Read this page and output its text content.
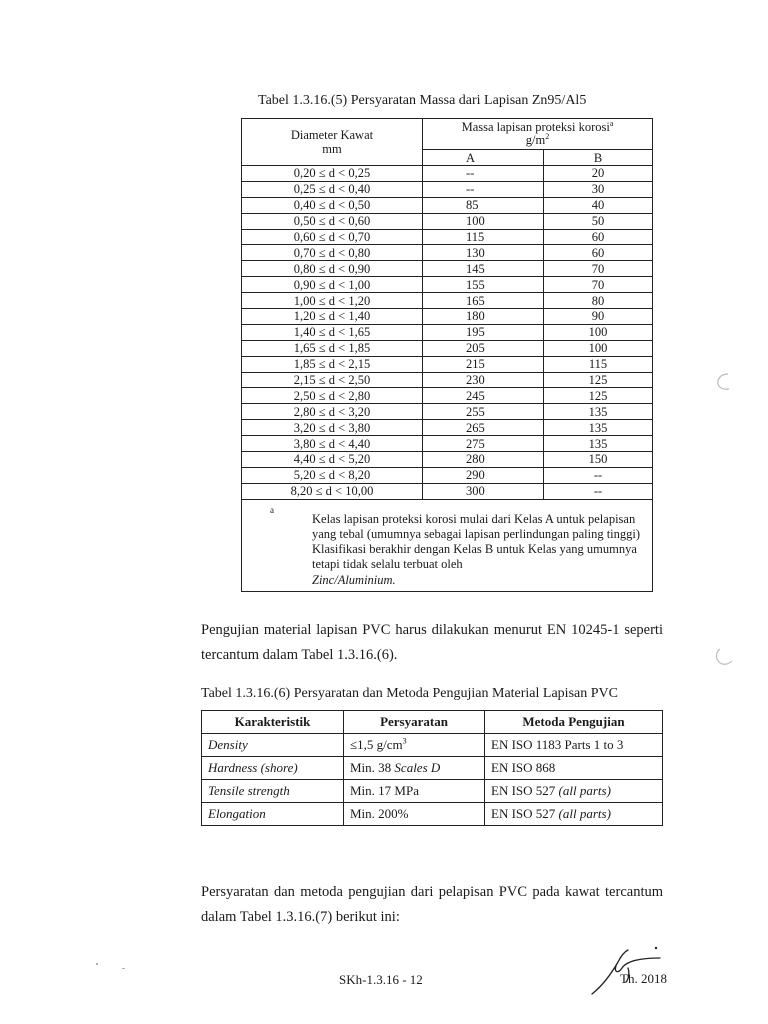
Tabel 1.3.16.(5) Persyaratan Massa dari Lapisan Zn95/Al5
Diameter Kawat
mm	Massa lapisan proteksi korosi$^a$
$g/m^2$
	A	B
0,20 ≤ d < 0,25	--	20
0,25 ≤ d < 0,40	--	30
0,40 ≤ d < 0,50	85	40
0,50 ≤ d < 0,60	100	50
0,60 ≤ d < 0,70	115	60
0,70 ≤ d < 0,80	130	60
0,80 ≤ d < 0,90	145	70
0,90 ≤ d < 1,00	155	70
1,00 ≤ d < 1,20	165	80
1,20 ≤ d < 1,40	180	90
1,40 ≤ d < 1,65	195	100
1,65 ≤ d < 1,85	205	100
1,85 ≤ d < 2,15	215	115
2,15 ≤ d < 2,50	230	125
2,50 ≤ d < 2,80	245	125
2,80 ≤ d < 3,20	255	135
3,20 ≤ d < 3,80	265	135
3,80 ≤ d < 4,40	275	135
4,40 ≤ d < 5,20	280	150
5,20 ≤ d < 8,20	290	--
8,20 ≤ d < 10,00	300	--

a
Kelas lapisan proteksi korosi mulai dari Kelas A untuk pelapisan yang tebal (umumnya sebagai lapisan perlindungan paling tinggi) Klasifikasi berakhir dengan Kelas B untuk Kelas yang umumnya tetapi tidak selalu terbuat oleh
Zinc/Aluminium.		
Pengujian material lapisan PVC harus dilakukan menurut EN 10245-1 seperti tercantum dalam Tabel 1.3.16.(6).
Tabel 1.3.16.(6) Persyaratan dan Metoda Pengujian Material Lapisan PVC
Karakteristik	Persyaratan	Metoda Pengujian
Density	≤1,5 $g/cm^3$	EN ISO 1183 Parts 1 to 3
Hardness (shore)	Min. 38 Scales D	EN ISO 868
Tensile strength	Min. 17 MPa	EN ISO 527 (all parts)
Elongation	Min. 200%	EN ISO 527 (all parts)
Persyaratan dan metoda pengujian dari pelapisan PVC pada kawat tercantum dalam Tabel 1.3.16.(7) berikut ini:
SKh-1.3.16 - 12	Th. 2018
